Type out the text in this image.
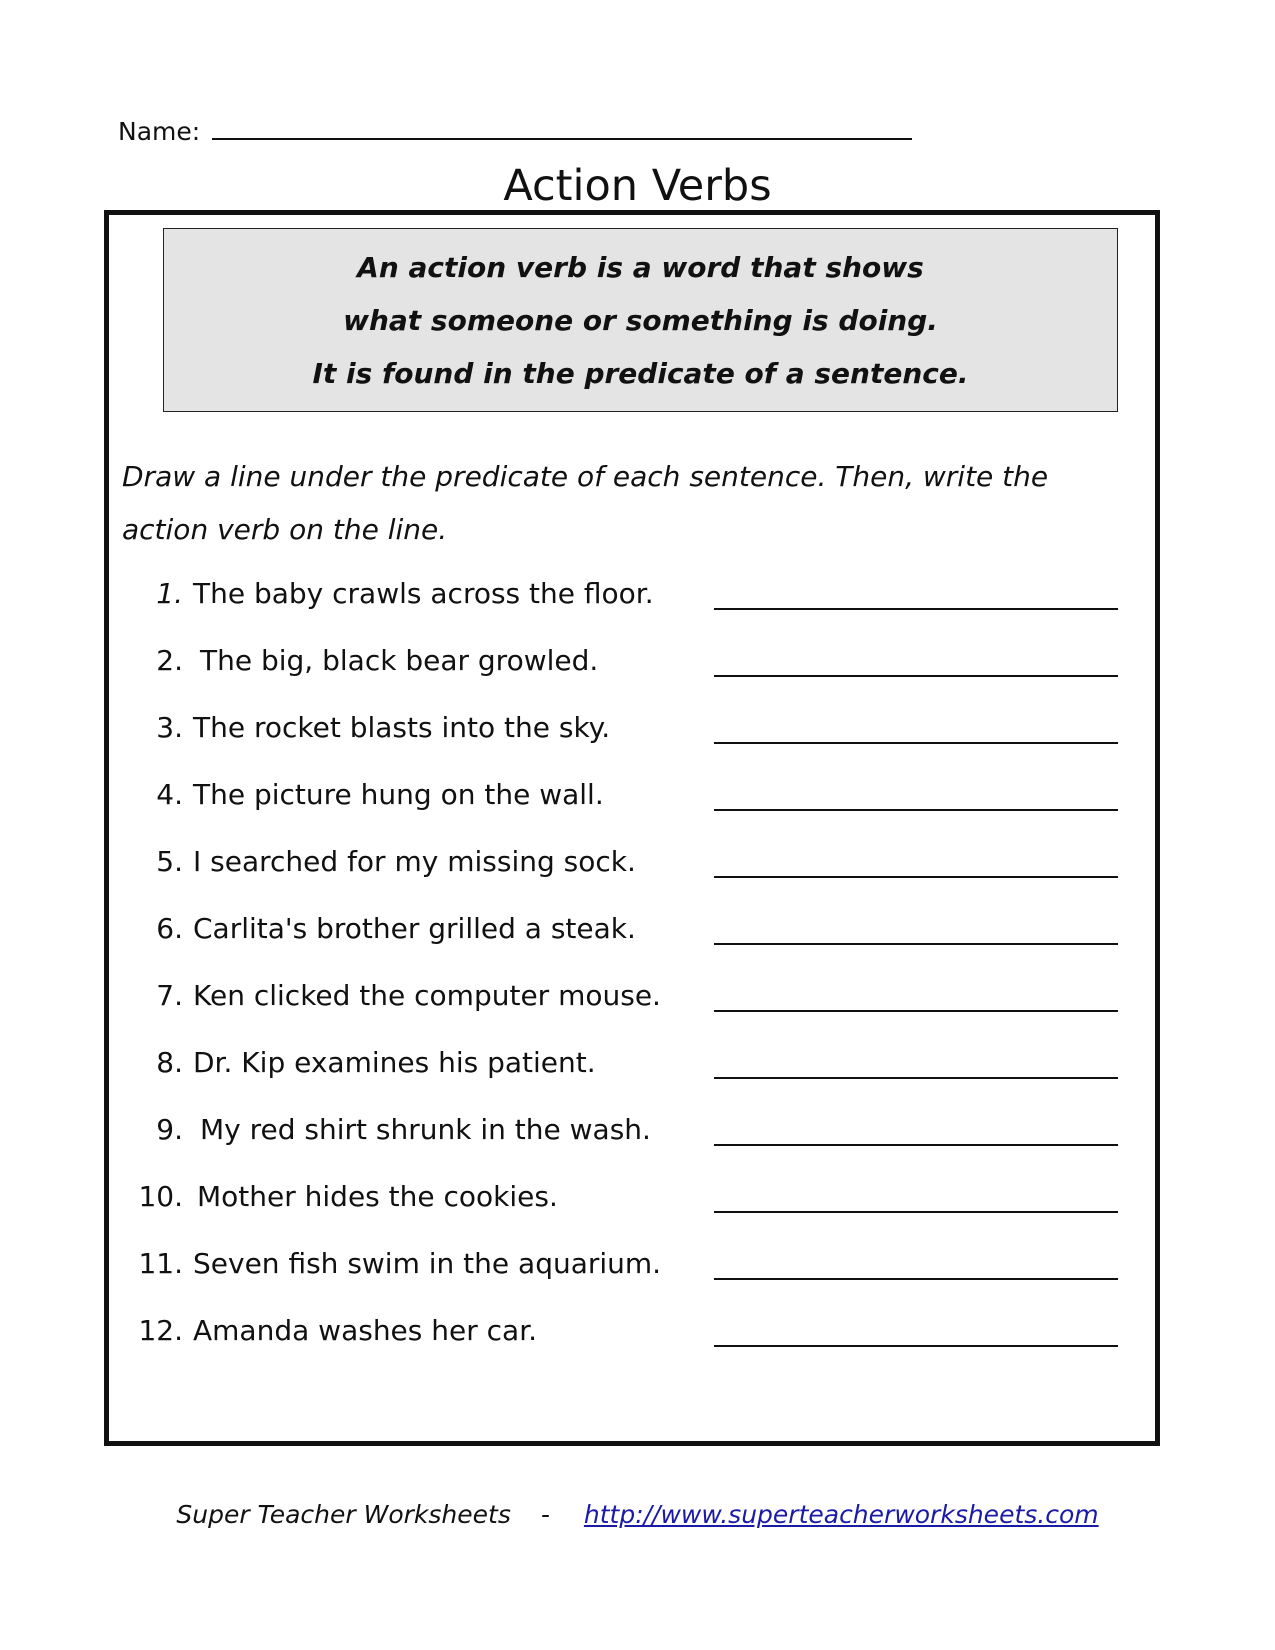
Name:
Action Verbs
An action verb is a word that shows
what someone or something is doing.
It is found in the predicate of a sentence.
Draw a line under the predicate of each sentence. Then, write the action verb on the line.
1. The baby crawls across the floor.
2. The big, black bear growled.
3. The rocket blasts into the sky.
4. The picture hung on the wall.
5. I searched for my missing sock.
6. Carlita's brother grilled a steak.
7. Ken clicked the computer mouse.
8. Dr. Kip examines his patient.
9. My red shirt shrunk in the wash.
10. Mother hides the cookies.
11. Seven fish swim in the aquarium.
12. Amanda washes her car.
Super Teacher Worksheets - http://www.superteacherworksheets.com
